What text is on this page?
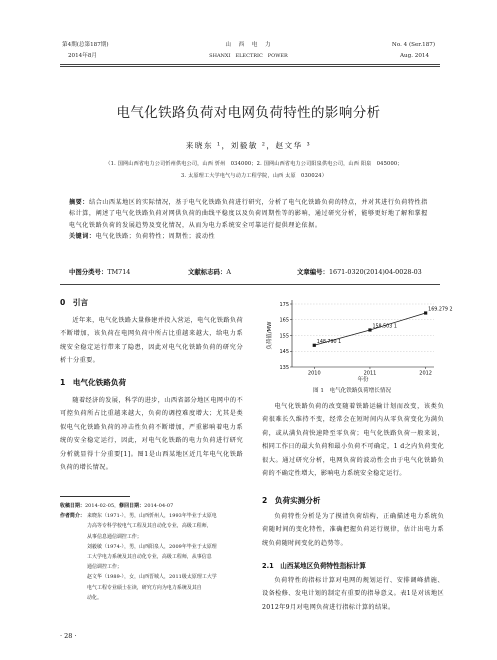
第4期(总第187期)
2014年8月
山　西　电　力
SHANXI　ELECTRIC　POWER
No. 4 (Ser.187)
Aug. 2014
电气化铁路负荷对电网负荷特性的影响分析
来晓东 ¹，刘毅敏 ²，赵文华 ³
（1. 国网山西省电力公司忻州供电公司，山西 忻州　034000；2. 国网山西省电力公司阳泉供电公司，山西 阳泉　045000；
3. 太原理工大学电气与动力工程学院，山西 太原　030024）
摘要：结合山西某地区的实际情况，基于电气化铁路负荷进行研究，分析了电气化铁路负荷的特点，并对其进行负荷特性指标计算，阐述了电气化铁路负荷对网供负荷的曲线平稳度以及负荷周期性等的影响，通过研究分析，能够更好地了解和掌握电气化铁路负荷的发展趋势及变化情况，从而为电力系统安全可靠运行提供理论依据。
关键词：电气化铁路；负荷特性；周期性；波动性
中图分类号：TM714	文献标志码：A	文章编号：1671-0320(2014)04-0028-03
0　引言
近年来，电气化铁路大量修建并投入营运，电气化铁路负荷不断增加，该负荷在电网负荷中所占比重越来越大，给电力系统安全稳定运行带来了隐患，因此对电气化铁路负荷的研究分析十分重要。
1　电气化铁路负荷
随着经济的发展，科学的进步，山西省部分地区电网中的不可控负荷所占比重越来越大，负荷的调控难度增大；尤其是类似电气化铁路负荷的冲击性负荷不断增加，严重影响着电力系统的安全稳定运行，因此，对电气化铁路的电力负荷进行研究分析就显得十分重要[1]。图1是山西某地区近几年电气化铁路负荷的增长情况。
收稿日期：2014-02-05，修回日期：2014-04-07
作者简介： 来晓东（1971-），男，山西忻州人，1993年毕业于太原电
力高等专科学校电气工程及其自动化专业，高级工程师，
从事信息通信调控工作；
刘毅敏（1974-），男，山西阳泉人，2009年毕业于太原理
工大学电力系统及其自动化专业，高级工程师，从事信息
通信调控工作；
赵文华（1989-），女，山西晋城人，2011级太原理工大学
电气工程专业硕士在读，研究方向为电力系统及其自
动化。
· 28 ·
135
145
155
165
175
2010	2011	2012
148.790 1
158.503 1
169.279 2
负荷值/MW
年份
图 1　电气化铁路负荷增长情况
电气化铁路负荷的改变随着铁路运输计划而改变，该类负荷很难长久维持不变，经常会在短时间内从零负荷变化为满负荷，或从满负荷快速降至零负荷；电气化铁路负荷一般来说，相同工作日的最大负荷和最小负荷不可确定，1 d之内负荷变化很大。通过研究分析，电网负荷的波动性会由于电气化铁路负荷的不确定性增大，影响电力系统安全稳定运行。
2　负荷实测分析
负荷特性分析是为了摸清负荷结构，正确描述电力系统负荷随时间的变化特性，准确把握负荷运行规律，估计出电力系统负荷随时间变化的趋势等。
2.1　山西某地区负荷特性指标计算
负荷特性的指标计算对电网的规划运行、安排调峰措施、设备检修、发电计划的制定有重要的指导意义。表1是对该地区2012年9月对电网负荷进行指标计算的结果。
